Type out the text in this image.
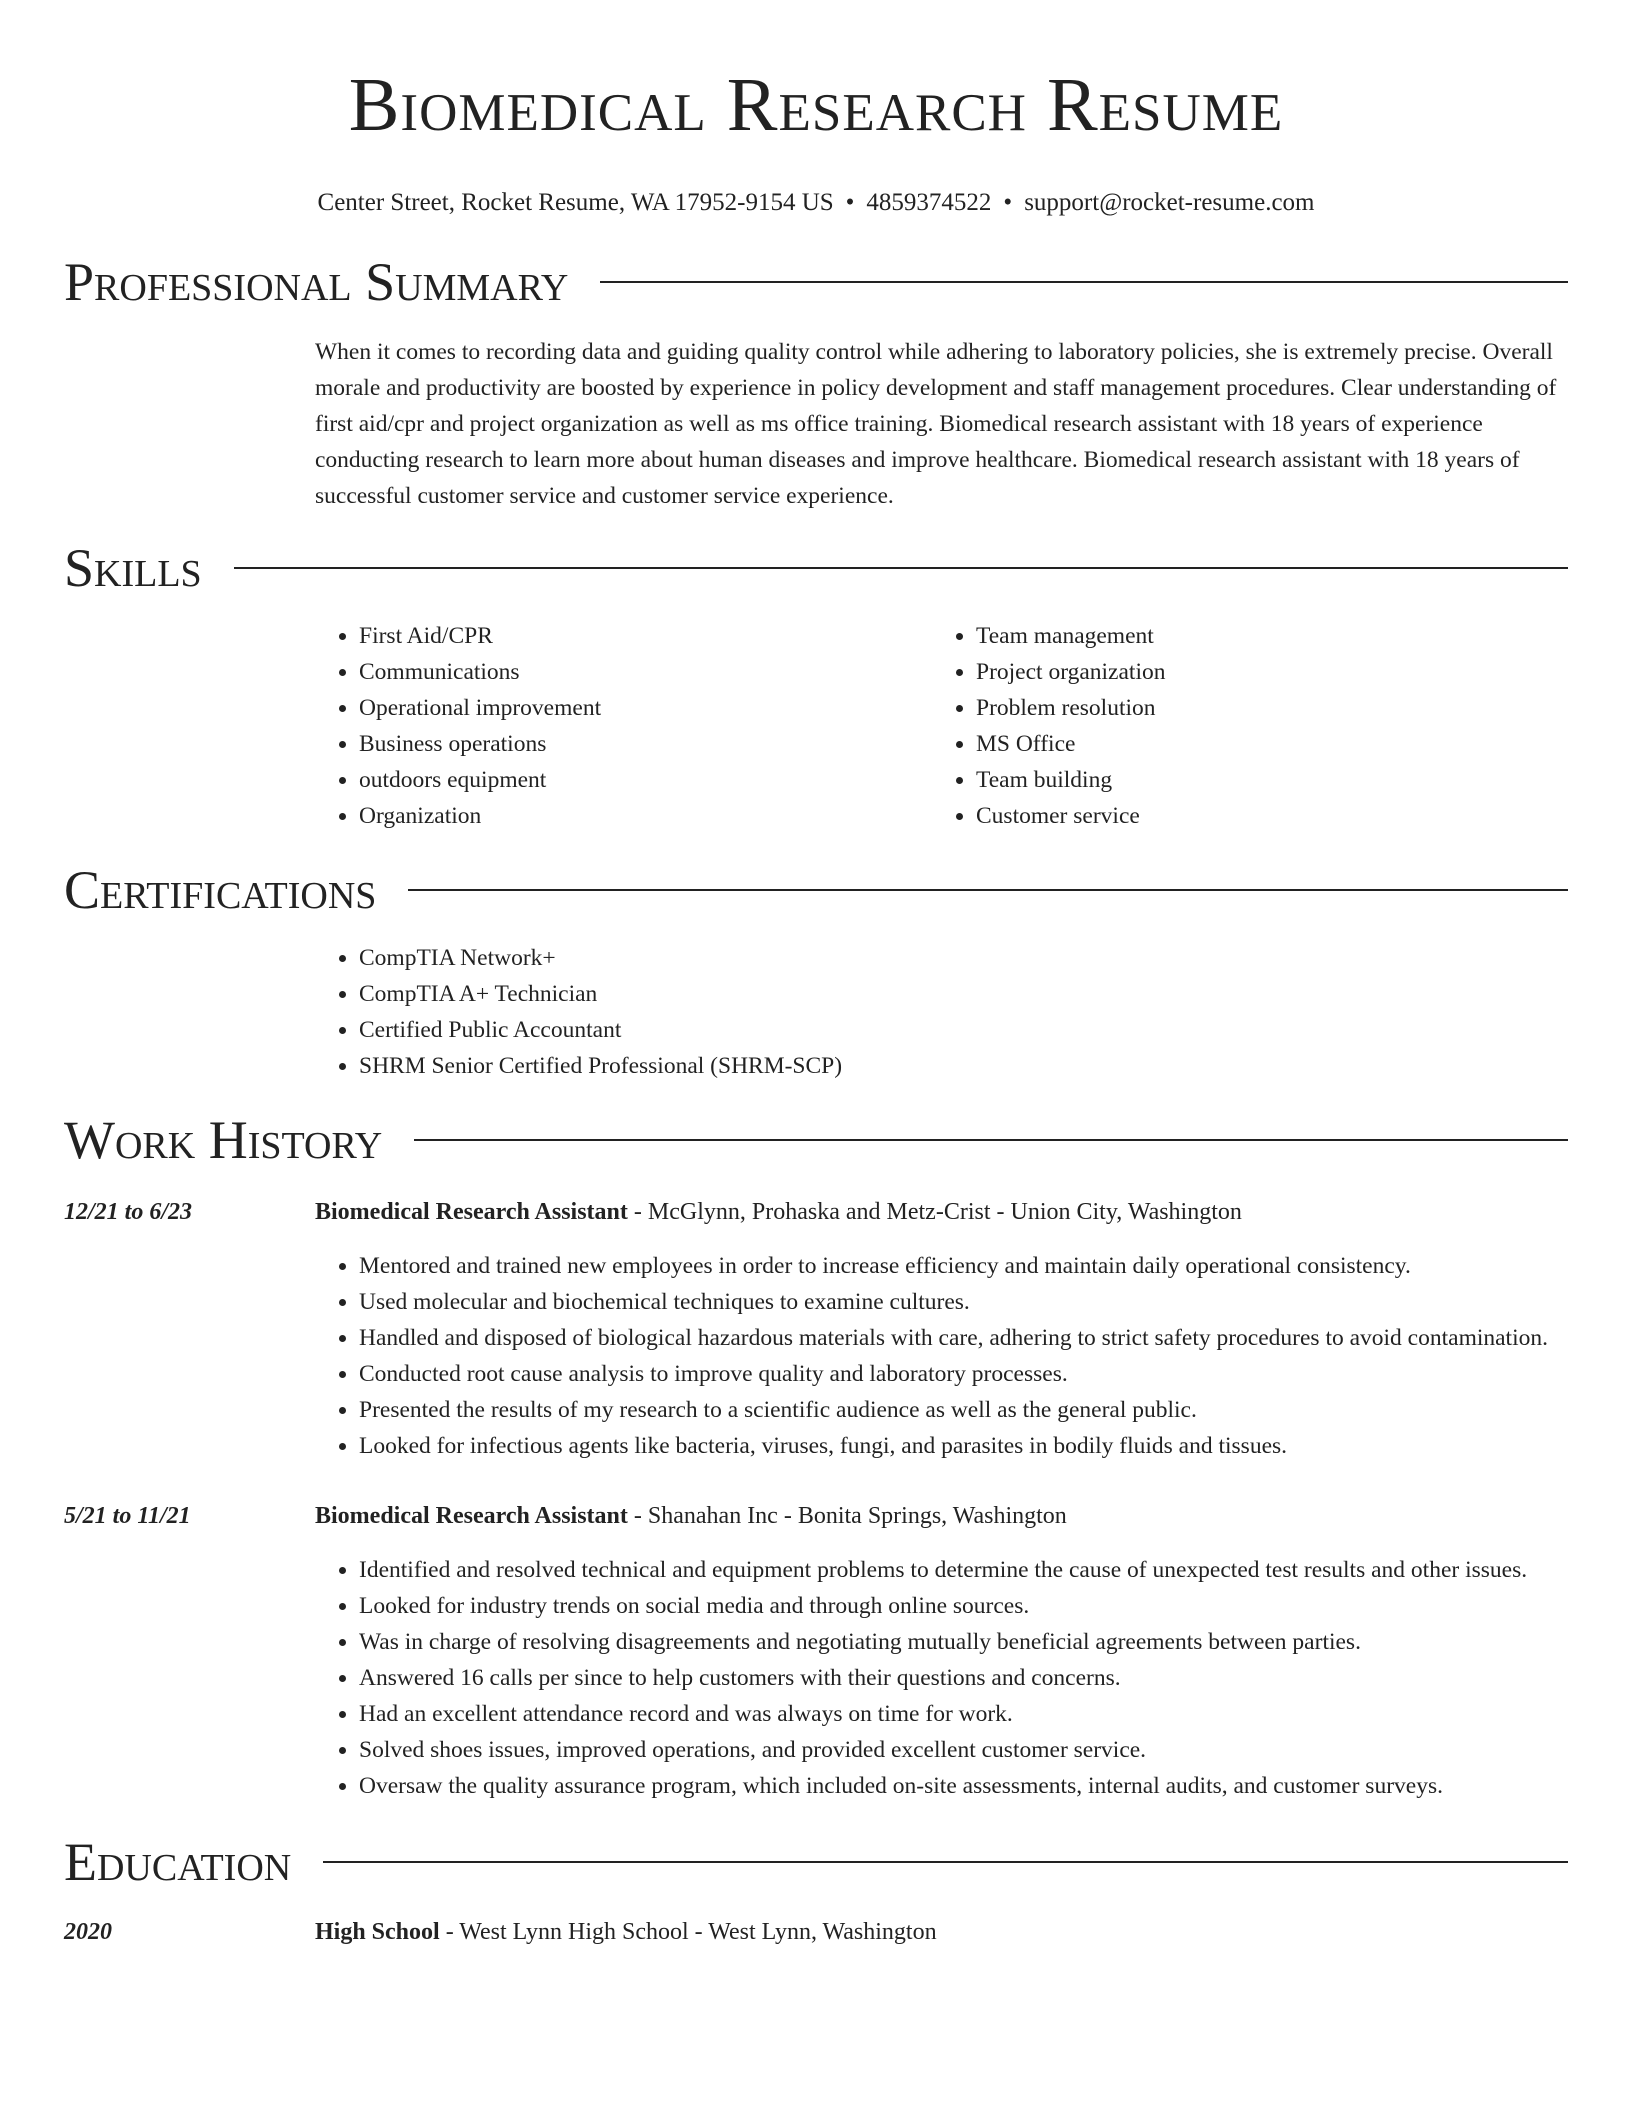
Biomedical Research Resume
Center Street, Rocket Resume, WA 17952-9154 US • 4859374522 • support@rocket-resume.com
Professional Summary

When it comes to recording data and guiding quality control while adhering to laboratory policies, she is extremely precise. Overall morale and productivity are boosted by experience in policy development and staff management procedures. Clear understanding of first aid/cpr and project organization as well as ms office training. Biomedical research assistant with 18 years of experience conducting research to learn more about human diseases and improve healthcare. Biomedical research assistant with 18 years of successful customer service and customer service experience.

Skills
• First Aid/CPR
• Communications
• Operational improvement
• Business operations
• outdoors equipment
• Organization
• Team management
• Project organization
• Problem resolution
• MS Office
• Team building
• Customer service
Certifications
• CompTIA Network+
• CompTIA A+ Technician
• Certified Public Accountant
• SHRM Senior Certified Professional (SHRM-SCP)
Work History
12/21 to 6/23	Biomedical Research Assistant - McGlynn, Prohaska and Metz-Crist - Union City, Washington
• Mentored and trained new employees in order to increase efficiency and maintain daily operational consistency.
• Used molecular and biochemical techniques to examine cultures.
• Handled and disposed of biological hazardous materials with care, adhering to strict safety procedures to avoid contamination.
• Conducted root cause analysis to improve quality and laboratory processes.
• Presented the results of my research to a scientific audience as well as the general public.
• Looked for infectious agents like bacteria, viruses, fungi, and parasites in bodily fluids and tissues.
5/21 to 11/21	Biomedical Research Assistant - Shanahan Inc - Bonita Springs, Washington
• Identified and resolved technical and equipment problems to determine the cause of unexpected test results and other issues.
• Looked for industry trends on social media and through online sources.
• Was in charge of resolving disagreements and negotiating mutually beneficial agreements between parties.
• Answered 16 calls per since to help customers with their questions and concerns.
• Had an excellent attendance record and was always on time for work.
• Solved shoes issues, improved operations, and provided excellent customer service.
• Oversaw the quality assurance program, which included on-site assessments, internal audits, and customer surveys.
Education
2020	High School - West Lynn High School - West Lynn, Washington
